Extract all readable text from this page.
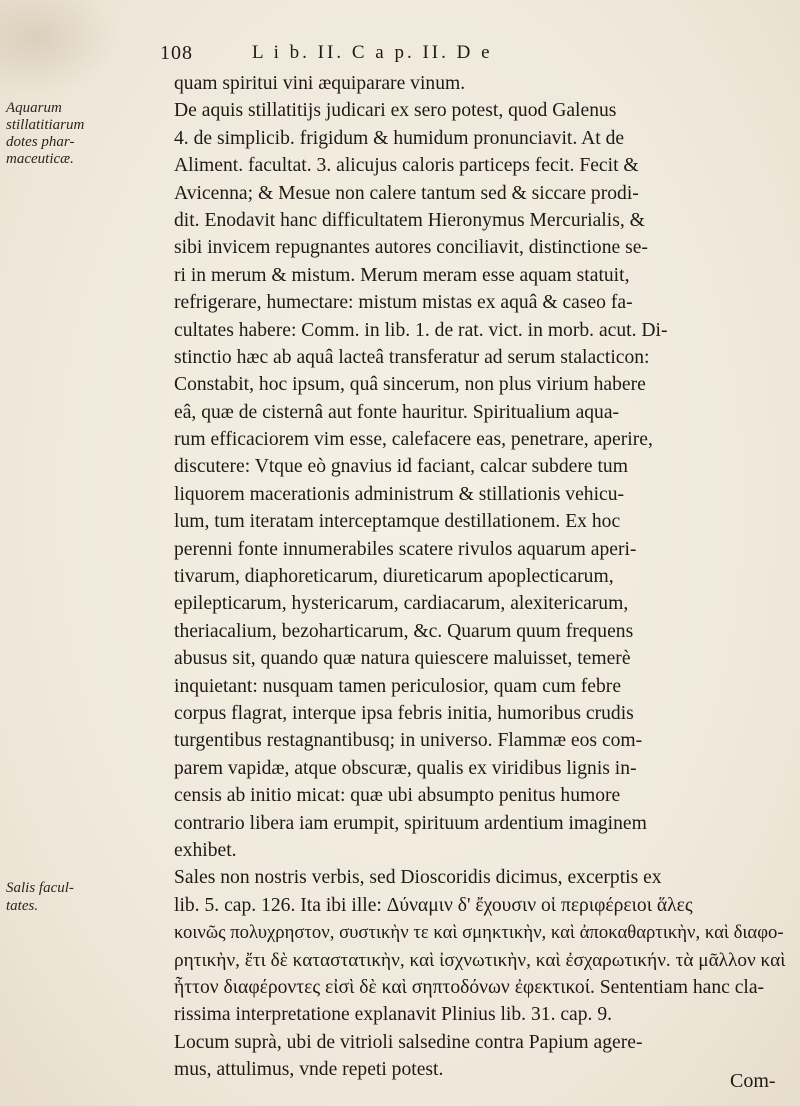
108	L i b. II. C a p. II. D e
Aquarum
stillatitiarum
dotes phar-
maceuticæ.
Salis facul-
tates.
quam spiritui vini æquiparare vinum.
De aquis stillatitijs judicari ex sero potest, quod Galenus
4. de simplicib. frigidum & humidum pronunciavit. At de
Aliment. facultat. 3. alicujus caloris particeps fecit. Fecit &
Avicenna; & Mesue non calere tantum sed & siccare prodi-
dit. Enodavit hanc difficultatem Hieronymus Mercurialis, &
sibi invicem repugnantes autores conciliavit, distinctione se-
ri in merum & mistum. Merum meram esse aquam statuit,
refrigerare, humectare: mistum mistas ex aquâ & caseo fa-
cultates habere: Comm. in lib. 1. de rat. vict. in morb. acut. Di-
stinctio hæc ab aquâ lacteâ transferatur ad serum stalacticon:
Constabit, hoc ipsum, quâ sincerum, non plus virium habere
eâ, quæ de cisternâ aut fonte hauritur. Spiritualium aqua-
rum efficaciorem vim esse, calefacere eas, penetrare, aperire,
discutere: Vtque eò gnavius id faciant, calcar subdere tum
liquorem macerationis administrum & stillationis vehicu-
lum, tum iteratam interceptamque destillationem. Ex hoc
perenni fonte innumerabiles scatere rivulos aquarum aperi-
tivarum, diaphoreticarum, diureticarum apoplecticarum,
epilepticarum, hystericarum, cardiacarum, alexitericarum,
theriacalium, bezoharticarum, &c. Quarum quum frequens
abusus sit, quando quæ natura quiescere maluisset, temerè
inquietant: nusquam tamen periculosior, quam cum febre
corpus flagrat, interque ipsa febris initia, humoribus crudis
turgentibus restagnantibusq; in universo. Flammæ eos com-
parem vapidæ, atque obscuræ, qualis ex viridibus lignis in-
censis ab initio micat: quæ ubi absumpto penitus humore
contrario libera iam erumpit, spirituum ardentium imaginem
exhibet.
Sales non nostris verbis, sed Dioscoridis dicimus, excerptis ex
lib. 5. cap. 126. Ita ibi ille: Δύναμιν δ' ἔχουσιν οἱ περιφέρειοι ἅλες
κοινῶς πολυχρηστον, συστικὴν τε καὶ σμηκτικὴν, καὶ ἀποκαθαρτικὴν, καὶ διαφο-
ρητικὴν, ἔτι δὲ καταστατικὴν, καὶ ἰσχνωτικὴν, καὶ ἐσχαρωτικήν. τὰ μᾶλλον καὶ
ἧττον διαφέροντες εἰσὶ δὲ καὶ σηπτοδόνων ἐφεκτικοί. Sententiam hanc cla-
rissima interpretatione explanavit Plinius lib. 31. cap. 9.
Locum suprà, ubi de vitrioli salsedine contra Papium agere-
mus, attulimus, vnde repeti potest.
Com-
